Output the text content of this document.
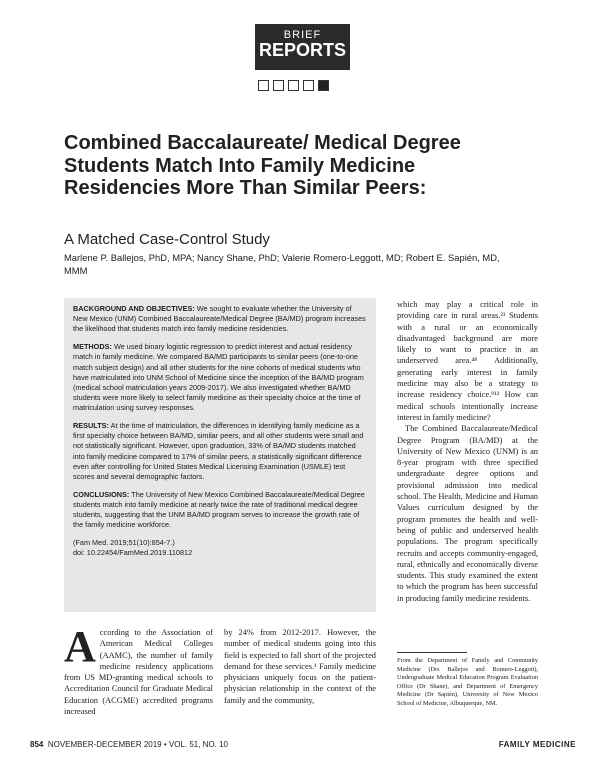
BRIEF
REPORTS
Combined Baccalaureate/ Medical Degree Students Match Into Family Medicine Residencies More Than Similar Peers:
A Matched Case-Control Study
Marlene P. Ballejos, PhD, MPA; Nancy Shane, PhD; Valerie Romero-Leggott, MD; Robert E. Sapién, MD, MMM

BACKGROUND AND OBJECTIVES: We sought to evaluate whether the University of New Mexico (UNM) Combined Baccalaureate/Medical Degree (BA/MD) program increases the likelihood that students match into family medicine residencies.

METHODS: We used binary logistic regression to predict interest and actual residency match in family medicine. We compared BA/MD participants to similar peers (one-to-one match subject design) and all other students for the nine cohorts of medical students who have matriculated into UNM School of Medicine since the inception of the BA/MD program (medical school matriculation years 2009-2017). We also investigated whether BA/MD students were more likely to select family medicine as their specialty choice at the time of matriculation using survey responses.

RESULTS: At the time of matriculation, the differences in identifying family medicine as a first specialty choice between BA/MD, similar peers, and all other students were small and not statistically significant. However, upon graduation, 33% of BA/MD students matched into family medicine compared to 17% of similar peers, a statistically significant difference even after controlling for United States Medical Licensing Examination (USMLE) test scores and several demographic factors.

CONCLUSIONS: The University of New Mexico Combined Baccalaureate/Medical Degree students match into family medicine at nearly twice the rate of traditional medical degree students, suggesting that the UNM BA/MD program serves to increase the growth rate of the family medicine workforce.

(Fam Med. 2019;51(10):854-7.)
doi: 10.22454/FamMed.2019.110812
According to the Association of American Medical Colleges (AAMC), the number of family medicine residency applications from US MD-granting medical schools to Accreditation Council for Graduate Medical Education (ACGME) accredited programs increased
by 24% from 2012-2017. However, the number of medical students going into this field is expected to fall short of the projected demand for these services.¹ Family medicine physicians uniquely focus on the patient-physician relationship in the context of the family and the community,

which may play a critical role in providing care in rural areas.²³ Students with a rural or an economically disadvantaged background are more likely to want to practice in an underserved area.⁴⁸ Additionally, generating early interest in family medicine may also be a strategy to increase residency choice.⁹¹² How can medical schools intentionally increase interest in family medicine?

The Combined Baccalaureate/Medical Degree Program (BA/MD) at the University of New Mexico (UNM) is an 8-year program with three specified undergraduate degree options and provisional admission into medical school. The Health, Medicine and Human Values curriculum designed by the program promotes the health and well-being of public and underserved health populations. The program specifically recruits and accepts community-engaged, rural, ethnically and economically diverse students. This study examined the extent to which the program has been successful in producing family medicine residents.

From the Department of Family and Community Medicine (Drs Ballejos and Romero-Leggott), Undergraduate Medical Education Program Evaluation Office (Dr Shane), and Department of Emergency Medicine (Dr Sapién), University of New Mexico School of Medicine, Albuquerque, NM.
854 NOVEMBER-DECEMBER 2019 • VOL. 51, NO. 10	FAMILY MEDICINE
